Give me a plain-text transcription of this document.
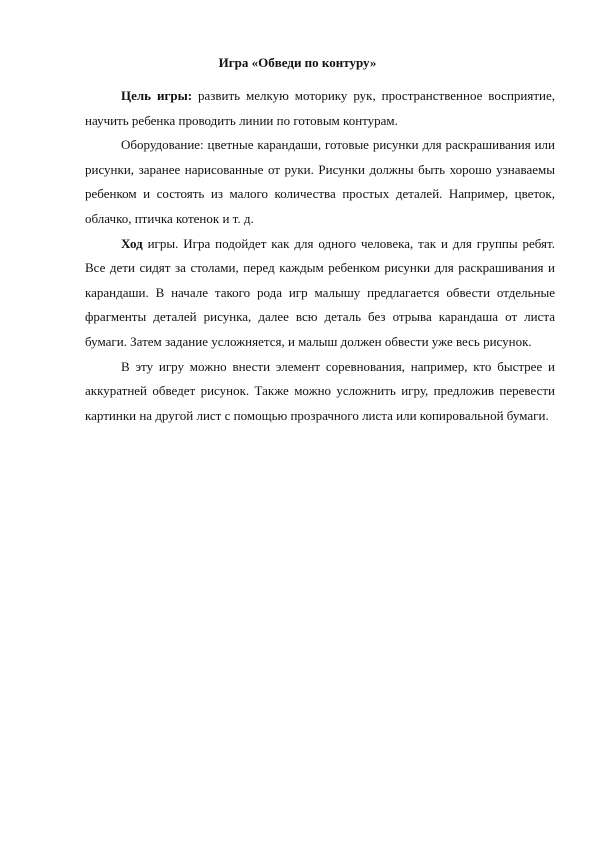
Игра «Обведи по контуру»

Цель игры: развить мелкую моторику рук, пространственное восприятие, научить ребенка проводить линии по готовым контурам.

Оборудование: цветные карандаши, готовые рисунки для раскрашивания или рисунки, заранее нарисованные от руки. Рисунки должны быть хорошо узнаваемы ребенком и состоять из малого количества простых деталей. Например, цветок, облачко, птичка котенок и т. д.

Ход игры. Игра подойдет как для одного человека, так и для группы ребят. Все дети сидят за столами, перед каждым ребенком рисунки для раскрашивания и карандаши. В начале такого рода игр малышу предлагается обвести отдельные фрагменты деталей рисунка, далее всю деталь без отрыва карандаша от листа бумаги. Затем задание усложняется, и малыш должен обвести уже весь рисунок.

В эту игру можно внести элемент соревнования, например, кто быстрее и аккуратней обведет рисунок. Также можно усложнить игру, предложив перевести картинки на другой лист с помощью прозрачного листа или копировальной бумаги.
